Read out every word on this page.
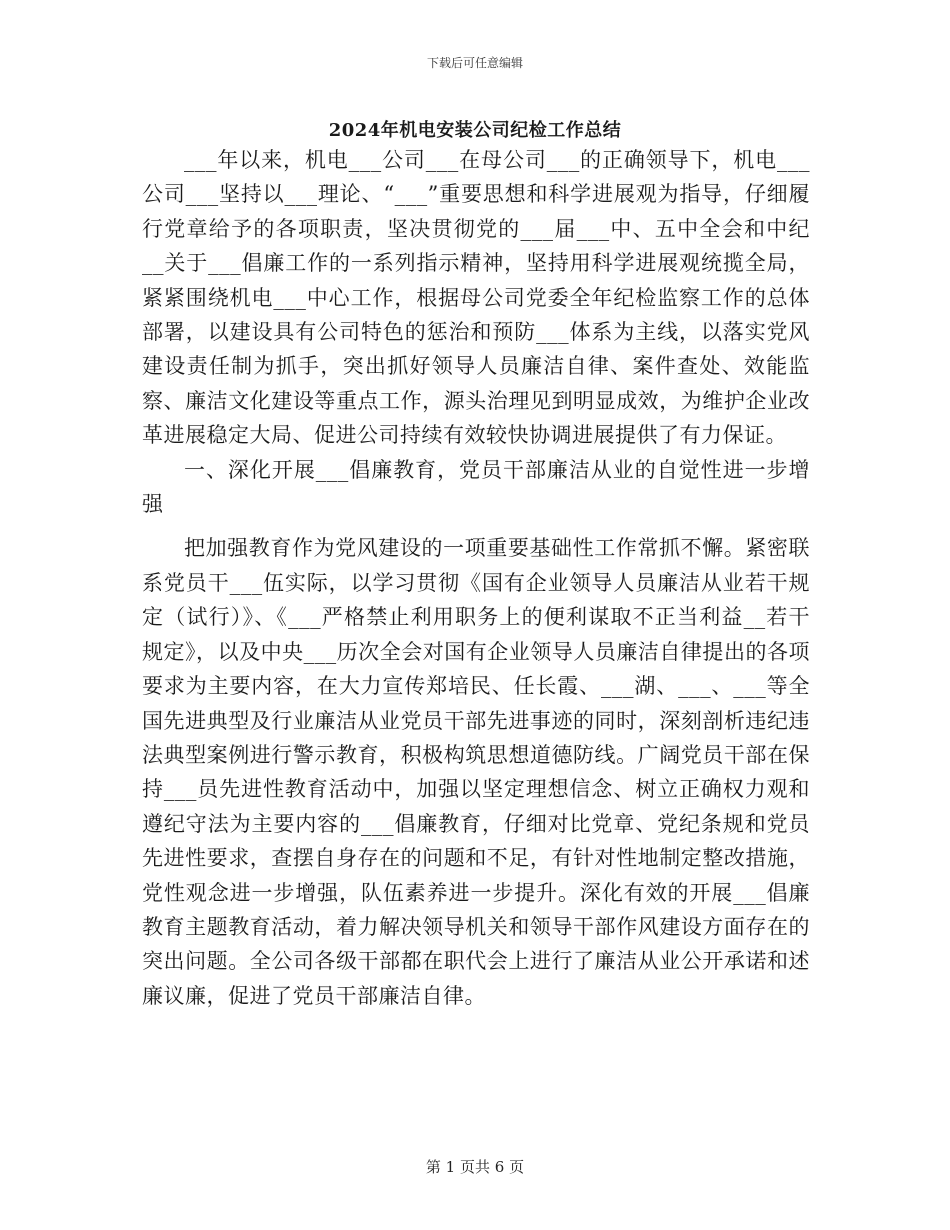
下载后可任意编辑
2024年机电安装公司纪检工作总结

___年以来，机电___公司___在母公司___的正确领导下，机电___公司___坚持以___理论、“___”重要思想和科学进展观为指导，仔细履行党章给予的各项职责，坚决贯彻党的___届___中、五中全会和中纪__关于___倡廉工作的一系列指示精神，坚持用科学进展观统揽全局，紧紧围绕机电___中心工作，根据母公司党委全年纪检监察工作的总体部署，以建设具有公司特色的惩治和预防___体系为主线，以落实党风建设责任制为抓手，突出抓好领导人员廉洁自律、案件查处、效能监察、廉洁文化建设等重点工作，源头治理见到明显成效，为维护企业改革进展稳定大局、促进公司持续有效较快协调进展提供了有力保证。

一、深化开展___倡廉教育，党员干部廉洁从业的自觉性进一步增强

把加强教育作为党风建设的一项重要基础性工作常抓不懈。紧密联系党员干___伍实际，以学习贯彻《国有企业领导人员廉洁从业若干规定（试行）》、《___严格禁止利用职务上的便利谋取不正当利益__若干规定》，以及中央___历次全会对国有企业领导人员廉洁自律提出的各项要求为主要内容，在大力宣传郑培民、任长霞、___湖、___、___等全国先进典型及行业廉洁从业党员干部先进事迹的同时，深刻剖析违纪违法典型案例进行警示教育，积极构筑思想道德防线。广阔党员干部在保持___员先进性教育活动中，加强以坚定理想信念、树立正确权力观和遵纪守法为主要内容的___倡廉教育，仔细对比党章、党纪条规和党员先进性要求，查摆自身存在的问题和不足，有针对性地制定整改措施，党性观念进一步增强，队伍素养进一步提升。深化有效的开展___倡廉教育主题教育活动，着力解决领导机关和领导干部作风建设方面存在的突出问题。全公司各级干部都在职代会上进行了廉洁从业公开承诺和述廉议廉，促进了党员干部廉洁自律。

第 1 页共 6 页
